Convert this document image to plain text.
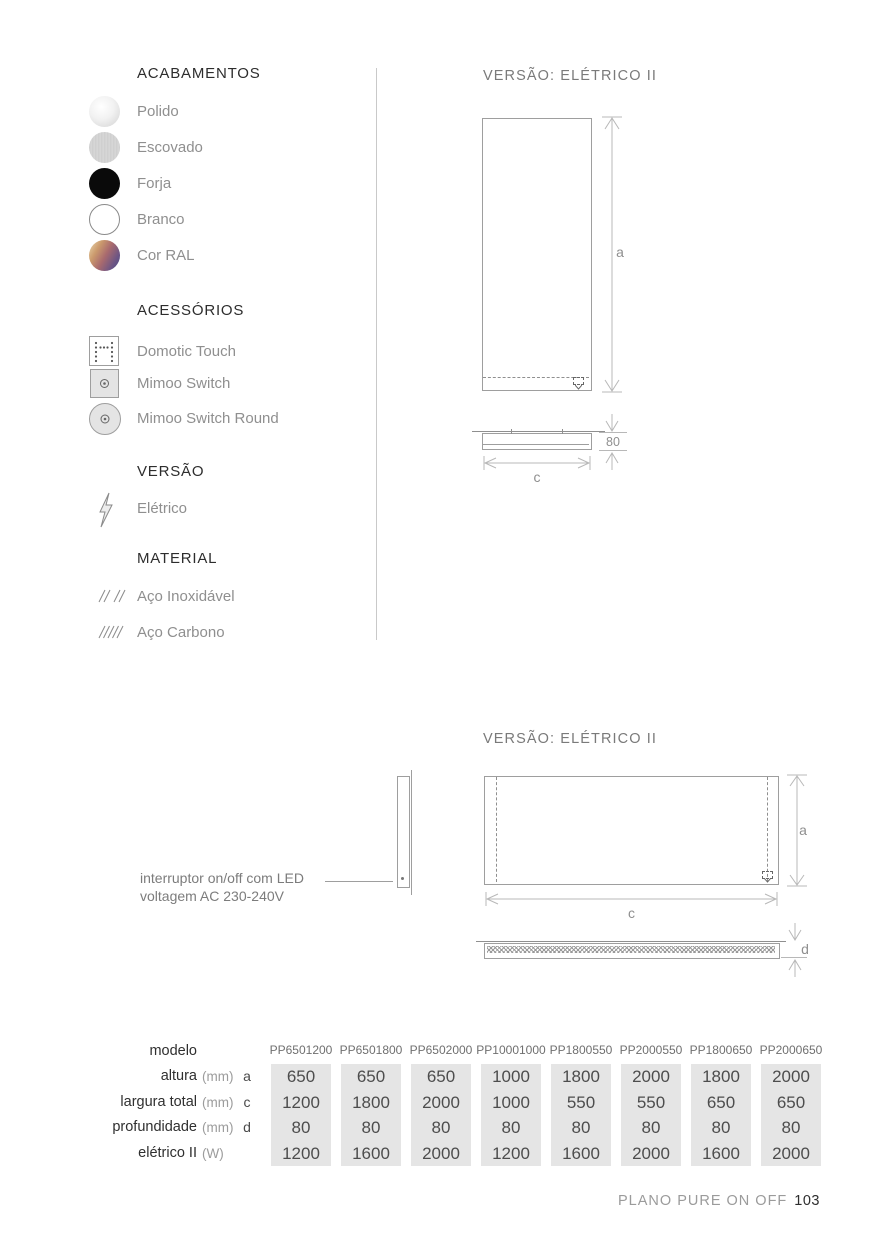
ACABAMENTOS
Polido
Escovado
Forja
Branco
Cor RAL
ACESSÓRIOS
Domotic Touch
Mimoo Switch
Mimoo Switch Round
VERSÃO
Elétrico
MATERIAL
Aço Inoxidável
Aço Carbono
VERSÃO: ELÉTRICO II
a
80
c
VERSÃO: ELÉTRICO II
interruptor on/off com LED
voltagem AC 230-240V
a
c
d
modelo
altura (mm) a
largura total (mm) c
profundidade (mm) d
elétrico II (W)
PP6501200
650
1200
80
1200
PP6501800
650
1800
80
1600
PP6502000
650
2000
80
2000
PP10001000
1000
1000
80
1200
PP1800550
1800
550
80
1600
PP2000550
2000
550
80
2000
PP1800650
1800
650
80
1600
PP2000650
2000
650
80
2000
PLANO PURE ON OFF 103
